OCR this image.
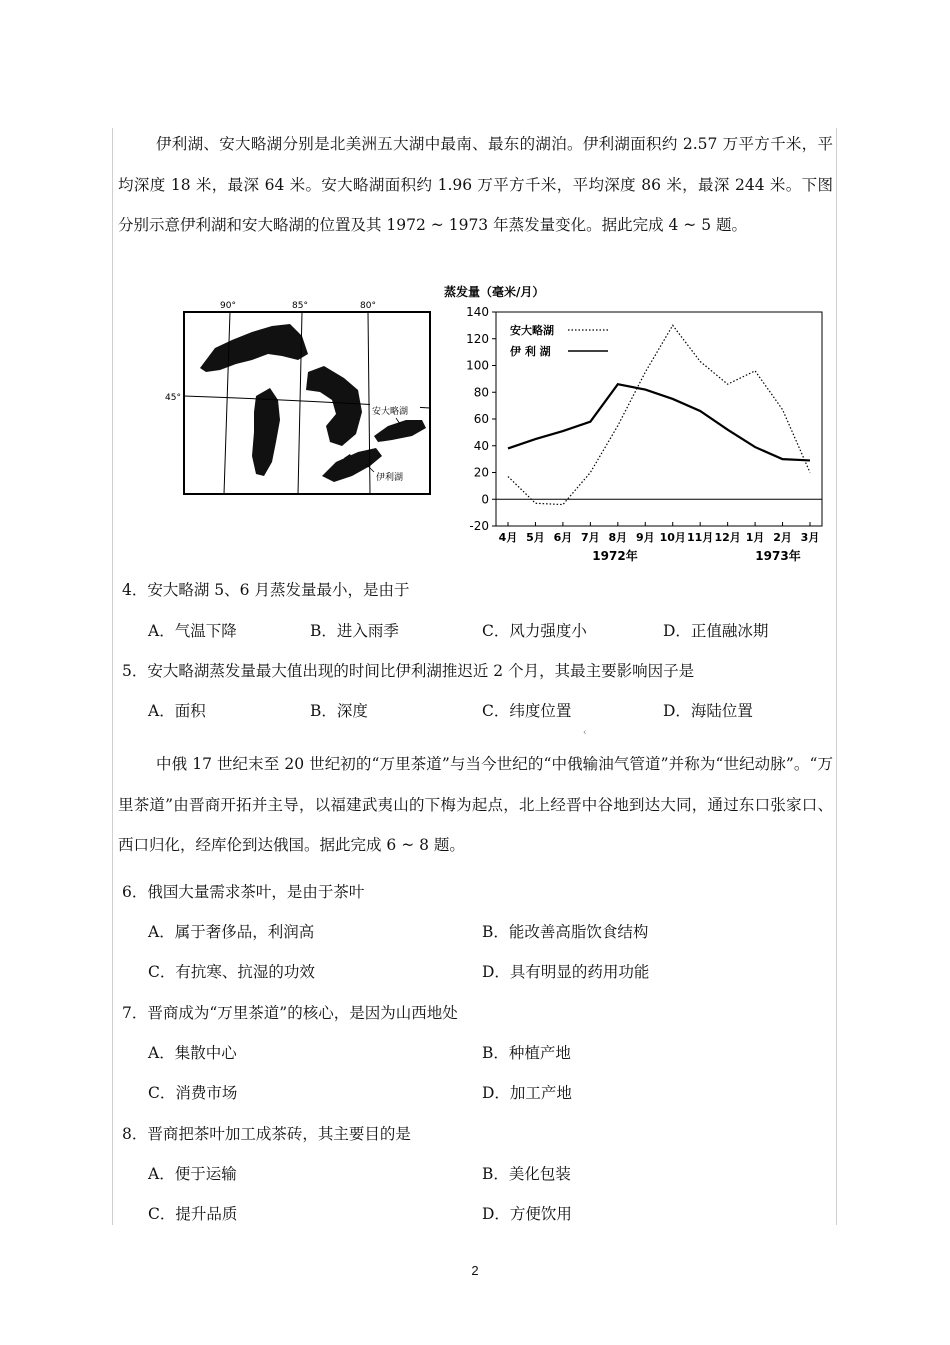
伊利湖、安大略湖分别是北美洲五大湖中最南、最东的湖泊。伊利湖面积约 2.57 万平方千米，平均深度 18 米，最深 64 米。安大略湖面积约 1.96 万平方千米，平均深度 86 米，最深 244 米。下图分别示意伊利湖和安大略湖的位置及其 1972 ~ 1973 年蒸发量变化。据此完成 4 ~ 5 题。

90°	85°	80°
45°
安大略湖
伊利湖
蒸发量（毫米/月）
-20
0
20
40
60
80
100
120
140
4月 5月 6月 7月 8月 9月 10月 11月 12月 1月 2月 3月
安大略湖
伊 利 湖
1972年	1973年
4．安大略湖 5、6 月蒸发量最小，是由于
A．气温下降	B．进入雨季	C．风力强度小	D．正值融冰期
5．安大略湖蒸发量最大值出现的时间比伊利湖推迟近 2 个月，其最主要影响因子是
A．面积	B．深度	C．纬度位置	D．海陆位置
‹

中俄 17 世纪末至 20 世纪初的“万里茶道”与当今世纪的“中俄输油气管道”并称为“世纪动脉”。“万里茶道”由晋商开拓并主导，以福建武夷山的下梅为起点，北上经晋中谷地到达大同，通过东口张家口、西口归化，经库伦到达俄国。据此完成 6 ~ 8 题。

6．俄国大量需求茶叶，是由于茶叶
A．属于奢侈品，利润高	B．能改善高脂饮食结构
C．有抗寒、抗湿的功效	D．具有明显的药用功能
7．晋商成为“万里茶道”的核心，是因为山西地处
A．集散中心	B．种植产地
C．消费市场	D．加工产地
8．晋商把茶叶加工成茶砖，其主要目的是
A．便于运输	B．美化包装
C．提升品质	D．方便饮用
2
